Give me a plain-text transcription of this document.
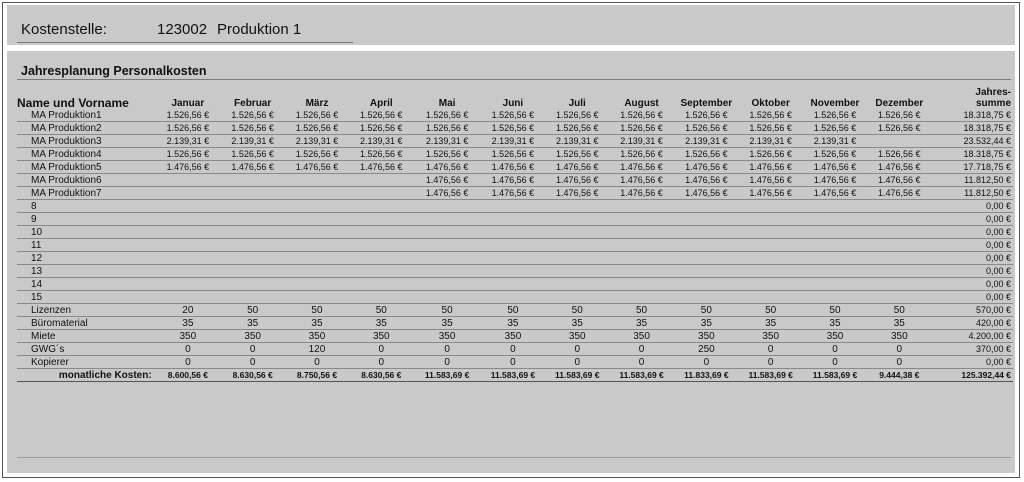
Kostenstelle:	123002 Produktion 1
Jahresplanung Personalkosten
Name und Vorname	Januar	Februar	März	April	Mai	Juni	Juli	August	September	Oktober	November	Dezember	Jahres-
summe
MA Produktion1	1.526,56 €	1.526,56 €	1.526,56 €	1.526,56 €	1.526,56 €	1.526,56 €	1.526,56 €	1.526,56 €	1.526,56 €	1.526,56 €	1.526,56 €	1.526,56 €	18.318,75 €
MA Produktion2	1.526,56 €	1.526,56 €	1.526,56 €	1.526,56 €	1.526,56 €	1.526,56 €	1.526,56 €	1.526,56 €	1.526,56 €	1.526,56 €	1.526,56 €	1.526,56 €	18.318,75 €
MA Produktion3	2.139,31 €	2.139,31 €	2.139,31 €	2.139,31 €	2.139,31 €	2.139,31 €	2.139,31 €	2.139,31 €	2.139,31 €	2.139,31 €	2.139,31 €		23.532,44 €
MA Produktion4	1.526,56 €	1.526,56 €	1.526,56 €	1.526,56 €	1.526,56 €	1.526,56 €	1.526,56 €	1.526,56 €	1.526,56 €	1.526,56 €	1.526,56 €	1.526,56 €	18.318,75 €
MA Produktion5	1.476,56 €	1.476,56 €	1.476,56 €	1.476,56 €	1.476,56 €	1.476,56 €	1.476,56 €	1.476,56 €	1.476,56 €	1.476,56 €	1.476,56 €	1.476,56 €	17.718,75 €
MA Produktion6					1.476,56 €	1.476,56 €	1.476,56 €	1.476,56 €	1.476,56 €	1.476,56 €	1.476,56 €	1.476,56 €	11.812,50 €
MA Produktion7					1.476,56 €	1.476,56 €	1.476,56 €	1.476,56 €	1.476,56 €	1.476,56 €	1.476,56 €	1.476,56 €	11.812,50 €
8													0,00 €
9													0,00 €
10													0,00 €
11													0,00 €
12													0,00 €
13													0,00 €
14													0,00 €
15													0,00 €
Lizenzen	20	50	50	50	50	50	50	50	50	50	50	50	570,00 €
Büromaterial	35	35	35	35	35	35	35	35	35	35	35	35	420,00 €
Miete	350	350	350	350	350	350	350	350	350	350	350	350	4.200,00 €
GWG´s	0	0	120	0	0	0	0	0	250	0	0	0	370,00 €
Kopierer	0	0	0	0	0	0	0	0	0	0	0	0	0,00 €
monatliche Kosten:	8.600,56 €	8.630,56 €	8.750,56 €	8.630,56 €	11.583,69 €	11.583,69 €	11.583,69 €	11.583,69 €	11.833,69 €	11.583,69 €	11.583,69 €	9.444,38 €	125.392,44 €
